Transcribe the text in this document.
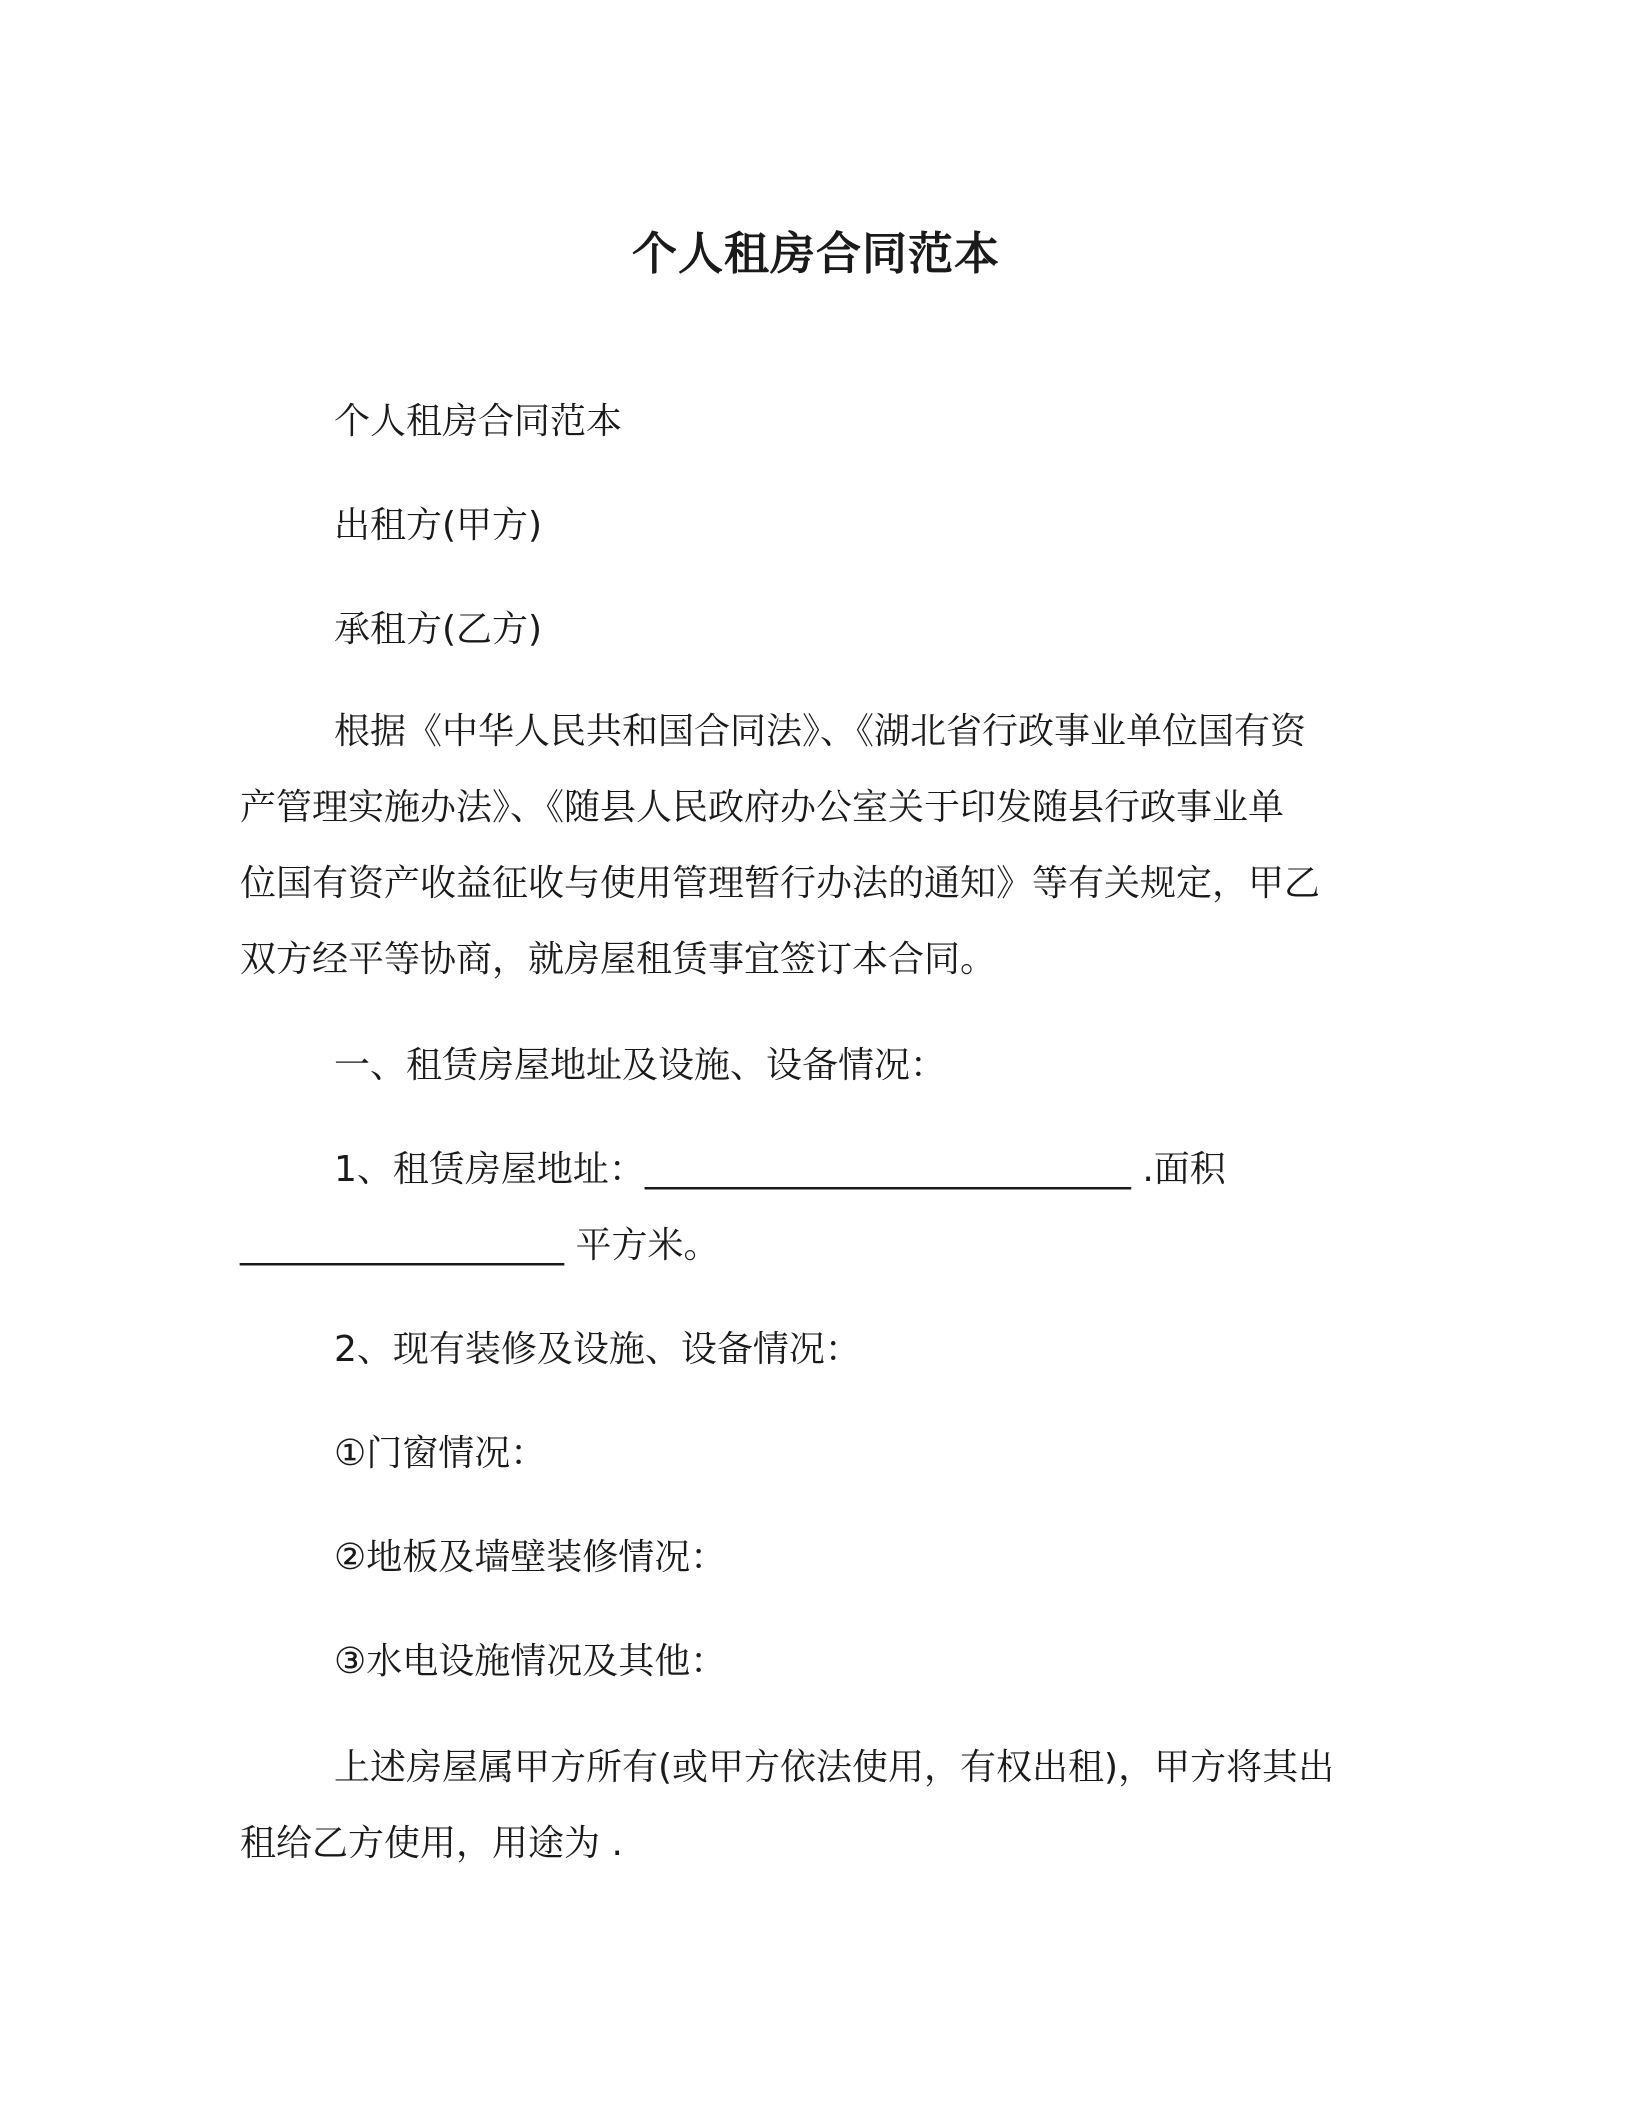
个人租房合同范本
个人租房合同范本
出租方(甲方)
承租方(乙方)
根据《中华人民共和国合同法》、《湖北省行政事业单位国有资
产管理实施办法》、《随县人民政府办公室关于印发随县行政事业单
位国有资产收益征收与使用管理暂行办法的通知》等有关规定，甲乙
双方经平等协商，就房屋租赁事宜签订本合同。
一、租赁房屋地址及设施、设备情况：
1、租赁房屋地址：___________________________ .面积
__________________ 平方米。
2、现有装修及设施、设备情况：
①门窗情况：
②地板及墙壁装修情况：
③水电设施情况及其他：
上述房屋属甲方所有(或甲方依法使用，有权出租)，甲方将其出
租给乙方使用，用途为 .
